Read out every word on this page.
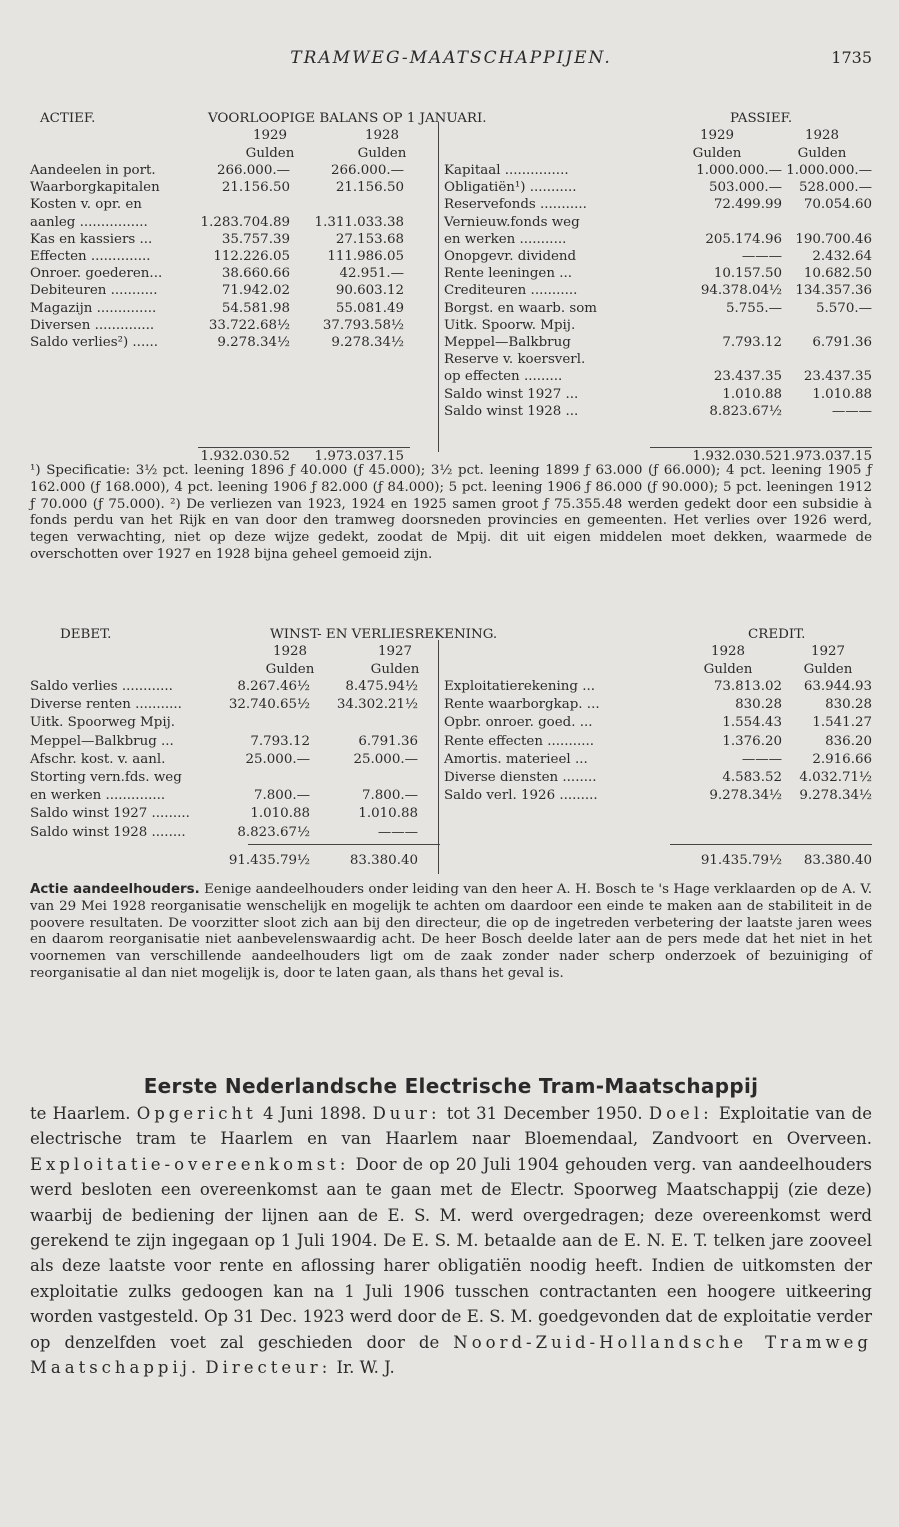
TRAMWEG-MAATSCHAPPIJEN.	1735
ACTIEF.	VOORLOOPIGE BALANS OP 1 JANUARI.	PASSIEF.
1929	1928	1929	1928
Gulden	Gulden	Gulden	Gulden
Aandeelen in port.	266.000.—	266.000.—
Waarborgkapitalen	21.156.50	21.156.50
Kosten v. opr. en
aanleg ................	1.283.704.89 1.311.033.38
Kas en kassiers ...	35.757.39	27.153.68
Effecten ..............	112.226.05	111.986.05
Onroer. goederen...	38.660.66	42.951.—
Debiteuren ...........	71.942.02	90.603.12
Magazijn ..............	54.581.98	55.081.49
Diversen ..............	33.722.68½ 37.793.58½
Saldo verlies²) ......	9.278.34½	9.278.34½
Kapitaal ...............	1.000.000.— 1.000.000.—
Obligatiën¹) ...........	503.000.— 528.000.—
Reservefonds ...........	72.499.99 70.054.60
Vernieuw.fonds weg
en werken ...........	205.174.96 190.700.46
Onopgevr. dividend	——— 2.432.64
Rente leeningen ...	10.157.50 10.682.50
Crediteuren ...........	94.378.04½ 134.357.36
Borgst. en waarb. som	5.755.—	5.570.—
Uitk. Spoorw. Mpij.
Meppel—Balkbrug	7.793.12 6.791.36
Reserve v. koersverl.
op effecten .........	23.437.35 23.437.35
Saldo winst 1927 ...	1.010.88 1.010.88
Saldo winst 1928 ...	8.823.67½	———
1.932.030.52 1.973.037.15	1.932.030.52 1.973.037.15

¹) Specificatie: 3½ pct. leening 1896 ƒ 40.000 (ƒ 45.000); 3½ pct. leening 1899 ƒ 63.000 (ƒ 66.000); 4 pct. leening 1905 ƒ 162.000 (ƒ 168.000), 4 pct. leening 1906 ƒ 82.000 (ƒ 84.000); 5 pct. leening 1906 ƒ 86.000 (ƒ 90.000); 5 pct. leeningen 1912 ƒ 70.000 (ƒ 75.000). ²) De verliezen van 1923, 1924 en 1925 samen groot ƒ 75.355.48 werden gedekt door een subsidie à fonds perdu van het Rijk en van door den tramweg doorsneden provincies en gemeenten. Het verlies over 1926 werd, tegen verwachting, niet op deze wijze gedekt, zoodat de Mpij. dit uit eigen middelen moet dekken, waarmede de overschotten over 1927 en 1928 bijna geheel gemoeid zijn.

DEBET.	WINST- EN VERLIESREKENING.	CREDIT.
1928	1927	1928	1927
Gulden	Gulden	Gulden	Gulden
Saldo verlies ............	8.267.46½	8.475.94½
Diverse renten ...........	32.740.65½ 34.302.21½
Uitk. Spoorweg Mpij.
Meppel—Balkbrug ...	7.793.12	6.791.36
Afschr. kost. v. aanl.	25.000.—	25.000.—
Storting vern.fds. weg
en werken ..............	7.800.—	7.800.—
Saldo winst 1927 .........	1.010.88	1.010.88
Saldo winst 1928 ........	8.823.67½	———
Exploitatierekening ...	73.813.02 63.944.93
Rente waarborgkap. ...	830.28	830.28
Opbr. onroer. goed. ...	1.554.43 1.541.27
Rente effecten ...........	1.376.20	836.20
Amortis. materieel ...	——— 2.916.66
Diverse diensten ........	4.583.52 4.032.71½
Saldo verl. 1926 .........	9.278.34½ 9.278.34½
91.435.79½	83.380.40	91.435.79½ 83.380.40

Actie aandeelhouders. Eenige aandeelhouders onder leiding van den heer A. H. Bosch te 's Hage verklaarden op de A. V. van 29 Mei 1928 reorganisatie wenschelijk en mogelijk te achten om daardoor een einde te maken aan de stabiliteit in de poovere resultaten. De voorzitter sloot zich aan bij den directeur, die op de ingetreden verbetering der laatste jaren wees en daarom reorganisatie niet aanbevelenswaardig acht. De heer Bosch deelde later aan de pers mede dat het niet in het voornemen van verschillende aandeelhouders ligt om de zaak zonder nader scherp onderzoek of bezuiniging of reorganisatie al dan niet mogelijk is, door te laten gaan, als thans het geval is.

Eerste Nederlandsche Electrische Tram-Maatschappij

te Haarlem. Opgericht 4 Juni 1898. Duur: tot 31 December 1950. Doel: Exploitatie van de electrische tram te Haarlem en van Haarlem naar Bloemendaal, Zandvoort en Overveen. Exploitatie-overeenkomst: Door de op 20 Juli 1904 gehouden verg. van aandeelhouders werd besloten een overeenkomst aan te gaan met de Electr. Spoorweg Maatschappij (zie deze) waarbij de bediening der lijnen aan de E. S. M. werd overgedragen; deze overeenkomst werd gerekend te zijn ingegaan op 1 Juli 1904. De E. S. M. betaalde aan de E. N. E. T. telken jare zooveel als deze laatste voor rente en aflossing harer obligatiën noodig heeft. Indien de uitkomsten der exploitatie zulks gedoogen kan na 1 Juli 1906 tusschen contractanten een hoogere uitkeering worden vastgesteld. Op 31 Dec. 1923 werd door de E. S. M. goedgevonden dat de exploitatie verder op denzelfden voet zal geschieden door de Noord-Zuid-Hollandsche Tramweg Maatschappij. Directeur: Ir. W. J.
